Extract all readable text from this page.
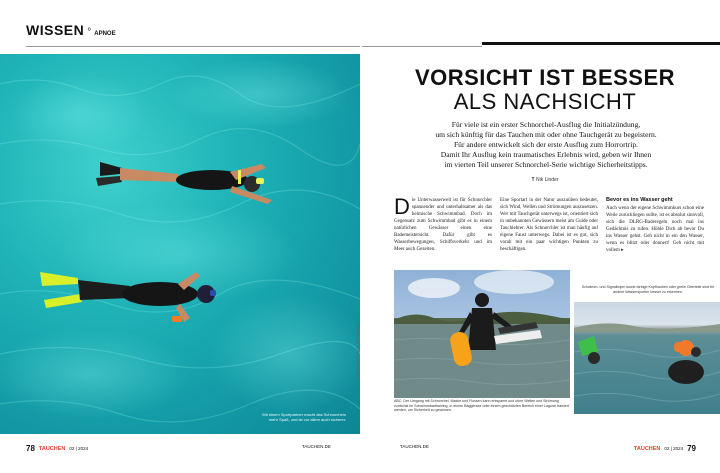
WISSEN ° APNOE
Mit einem Sportpartner macht das Schnorcheln mehr Spaß, und ist vor allem auch sicherer.
Fotos: Pexels/Freepik, Nik Linder (2)
VORSICHT IST BESSER
ALS NACHSICHT
Für viele ist ein erster Schnorchel-Ausflug die Initialzündung,
um sich künftig für das Tauchen mit oder ohne Tauchgerät zu begeistern.
Für andere entwickelt sich der erste Ausflug zum Horrortrip.
Damit Ihr Ausflug kein traumatisches Erlebnis wird, geben wir Ihnen
im vierten Teil unserer Schnorchel-Serie wichtige Sicherheitstipps.
T Nik Linder
D ie Unterwasserwelt ist für Schnorchler spannender und unterhaltsamer als das heimische Schwimmbad. Doch im Gegensatz zum Schwimmbad gibt es in einem natürlichen Gewässer einen eine Bademeistersicht. Dafür gibt es Wasserbewegungen, Schiffsverkehr und im Meer auch Gezeiten.
Eine Sportart in der Natur auszuüben bedeutet, sich Wind, Wellen und Strömungen auszusetzen. Wer mit Tauchgerät unterwegs ist, orientiert sich in unbekannten Gewässern meist am Guide oder Tauchlehrer. Als Schnorchler ist man häufig auf eigene Faust unterwegs. Dabei ist es gut, sich vorab mit ein paar wichtigen Punkten zu beschäftigen.
Bevor es ins Wasser geht
Auch wenn der eigene Schwimmkurs schon eine Weile zurückliegen sollte, ist es absolut sinnvoll, sich die DLRG-Baderegeln noch mal ins Gedächtnis zu rufen. Höhle Dich ab bevor Du ins Wasser gehst. Geh nicht in ein den Wasser, wenn es blitzt oder donnert! Geh nicht mit vollem ▸
ABC: Der Umgang mit Schnorchel, Maske und Flossen kann entspannt und ohne Wellen und Strömung zunächst im Schwimmbadtraining, in einem Baggersee oder einem geschützten Bereich einer Lagune trainiert werden, um Sicherheit zu gewinnen.
Schwimm- und Signalbojen sowie farbige Kopfhauben oder grelle Oberteile sind für andere Wassersportler besser zu erkennen.
78 TAUCHEN 02 | 2024	TAUCHEN.DE	TAUCHEN.DE	TAUCHEN 02 | 2024 79
